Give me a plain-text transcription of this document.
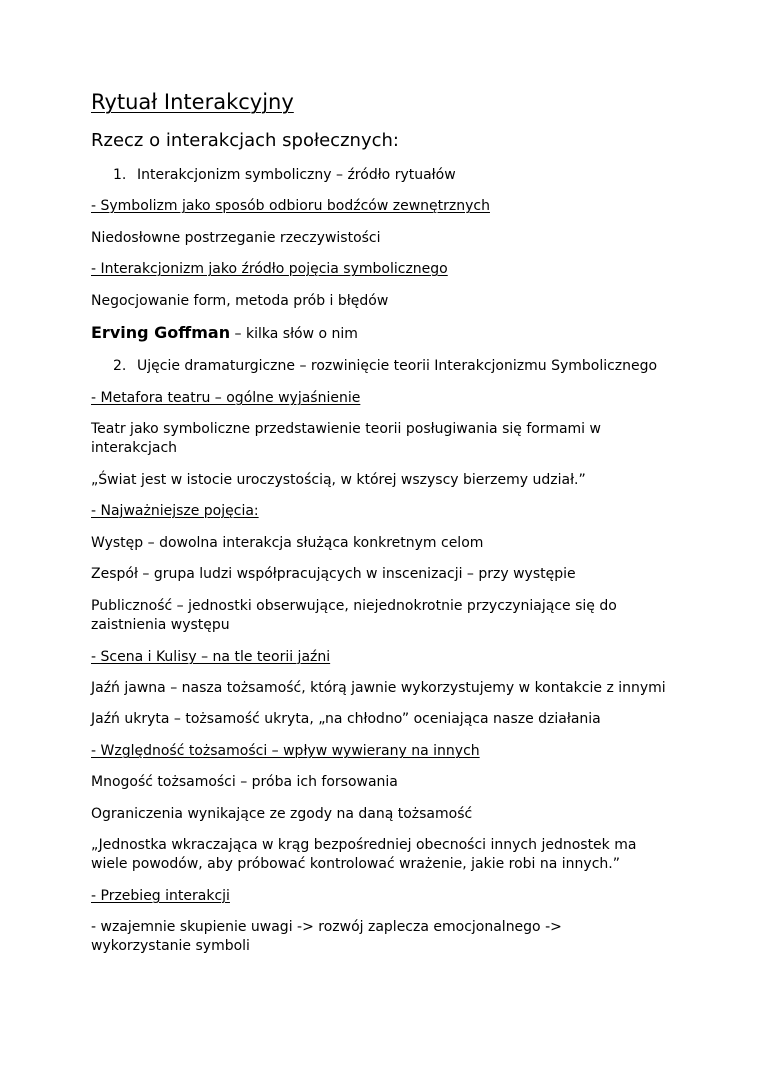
Rytuał Interakcyjny
Rzecz o interakcjach społecznych:
1. Interakcjonizm symboliczny – źródło rytuałów
- Symbolizm jako sposób odbioru bodźców zewnętrznych
Niedosłowne postrzeganie rzeczywistości
- Interakcjonizm jako źródło pojęcia symbolicznego
Negocjowanie form, metoda prób i błędów
Erving Goffman – kilka słów o nim
2. Ujęcie dramaturgiczne – rozwinięcie teorii Interakcjonizmu Symbolicznego
- Metafora teatru – ogólne wyjaśnienie
Teatr jako symboliczne przedstawienie teorii posługiwania się formami w
interakcjach
„Świat jest w istocie uroczystością, w której wszyscy bierzemy udział.”
- Najważniejsze pojęcia:
Występ – dowolna interakcja służąca konkretnym celom
Zespół – grupa ludzi współpracujących w inscenizacji – przy występie
Publiczność – jednostki obserwujące, niejednokrotnie przyczyniające się do
zaistnienia występu
- Scena i Kulisy – na tle teorii jaźni
Jaźń jawna – nasza tożsamość, którą jawnie wykorzystujemy w kontakcie z innymi
Jaźń ukryta – tożsamość ukryta, „na chłodno” oceniająca nasze działania
- Względność tożsamości – wpływ wywierany na innych
Mnogość tożsamości – próba ich forsowania
Ograniczenia wynikające ze zgody na daną tożsamość
„Jednostka wkraczająca w krąg bezpośredniej obecności innych jednostek ma
wiele powodów, aby próbować kontrolować wrażenie, jakie robi na innych.”
- Przebieg interakcji
- wzajemnie skupienie uwagi -> rozwój zaplecza emocjonalnego ->
wykorzystanie symboli
